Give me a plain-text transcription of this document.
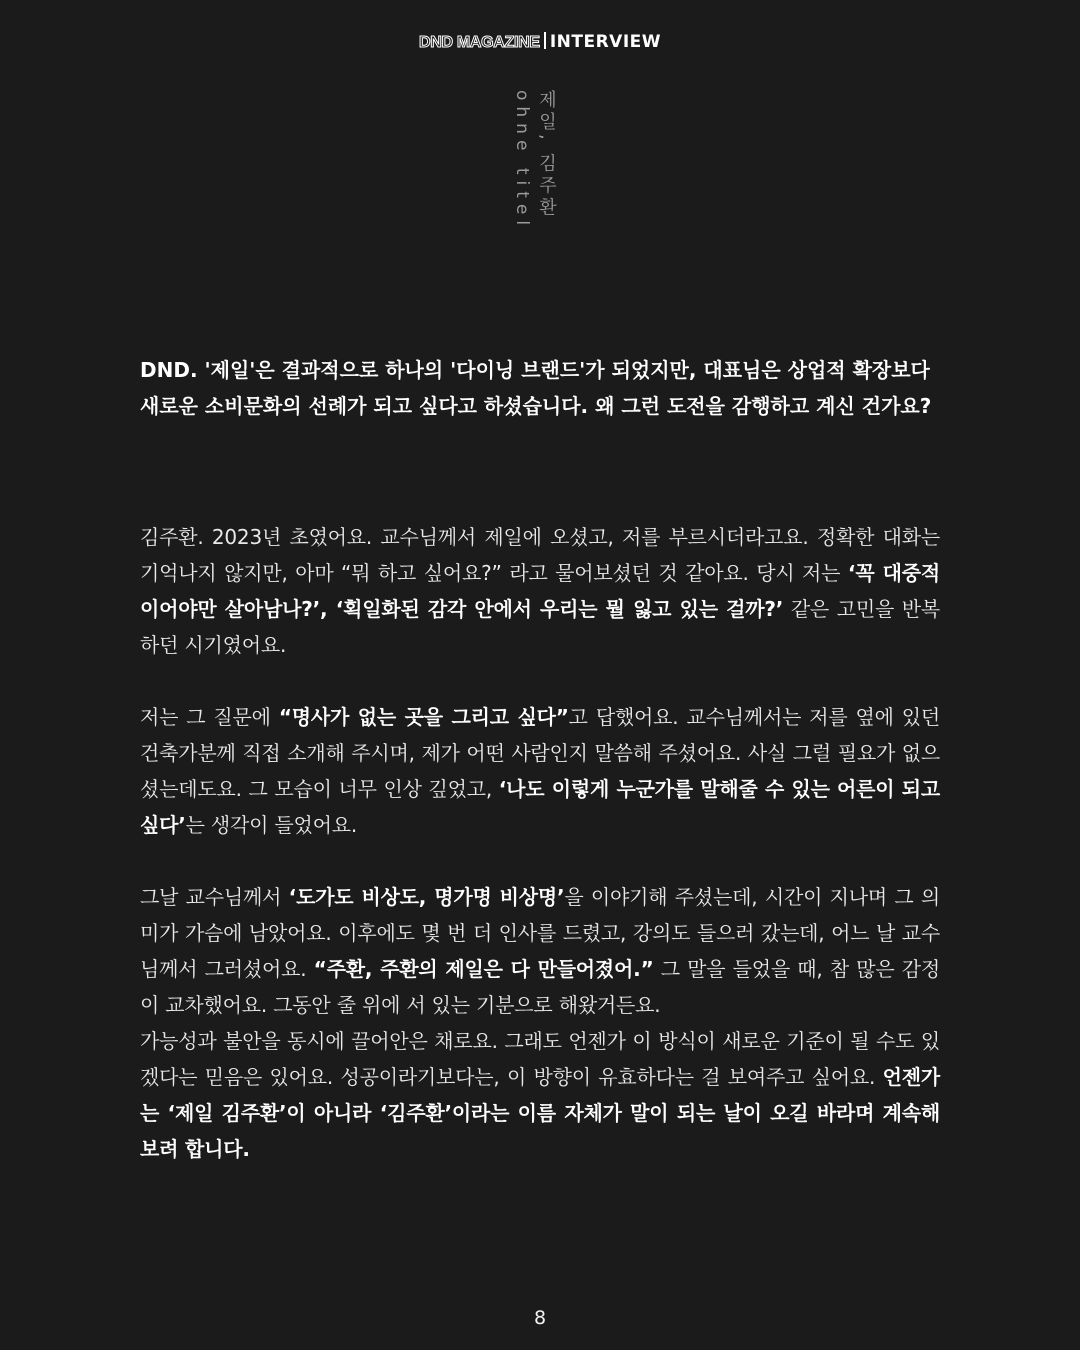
DND MAGAZINE INTERVIEW
제일, 김주환
ohne titel

DND. '제일'은 결과적으로 하나의 '다이닝 브랜드'가 되었지만, 대표님은 상업적 확장보다 새로운 소비문화의 선례가 되고 싶다고 하셨습니다. 왜 그런 도전을 감행하고 계신 건가요?

김주환. 2023년 초였어요. 교수님께서 제일에 오셨고, 저를 부르시더라고요. 정확한 대화는 기억나지 않지만, 아마 “뭐 하고 싶어요?” 라고 물어보셨던 것 같아요. 당시 저는 ‘꼭 대중적이어야만 살아남나?’, ‘획일화된 감각 안에서 우리는 뭘 잃고 있는 걸까?’ 같은 고민을 반복하던 시기였어요.

저는 그 질문에 “명사가 없는 곳을 그리고 싶다”고 답했어요. 교수님께서는 저를 옆에 있던 건축가분께 직접 소개해 주시며, 제가 어떤 사람인지 말씀해 주셨어요. 사실 그럴 필요가 없으셨는데도요. 그 모습이 너무 인상 깊었고, ‘나도 이렇게 누군가를 말해줄 수 있는 어른이 되고 싶다’는 생각이 들었어요.

그날 교수님께서 ‘도가도 비상도, 명가명 비상명’을 이야기해 주셨는데, 시간이 지나며 그 의미가 가슴에 남았어요. 이후에도 몇 번 더 인사를 드렸고, 강의도 들으러 갔는데, 어느 날 교수님께서 그러셨어요. “주환, 주환의 제일은 다 만들어졌어.” 그 말을 들었을 때, 참 많은 감정이 교차했어요. 그동안 줄 위에 서 있는 기분으로 해왔거든요.
가능성과 불안을 동시에 끌어안은 채로요. 그래도 언젠가 이 방식이 새로운 기준이 될 수도 있겠다는 믿음은 있어요. 성공이라기보다는, 이 방향이 유효하다는 걸 보여주고 싶어요. 언젠가는 ‘제일 김주환’이 아니라 ‘김주환’이라는 이름 자체가 말이 되는 날이 오길 바라며 계속해 보려 합니다.

8
